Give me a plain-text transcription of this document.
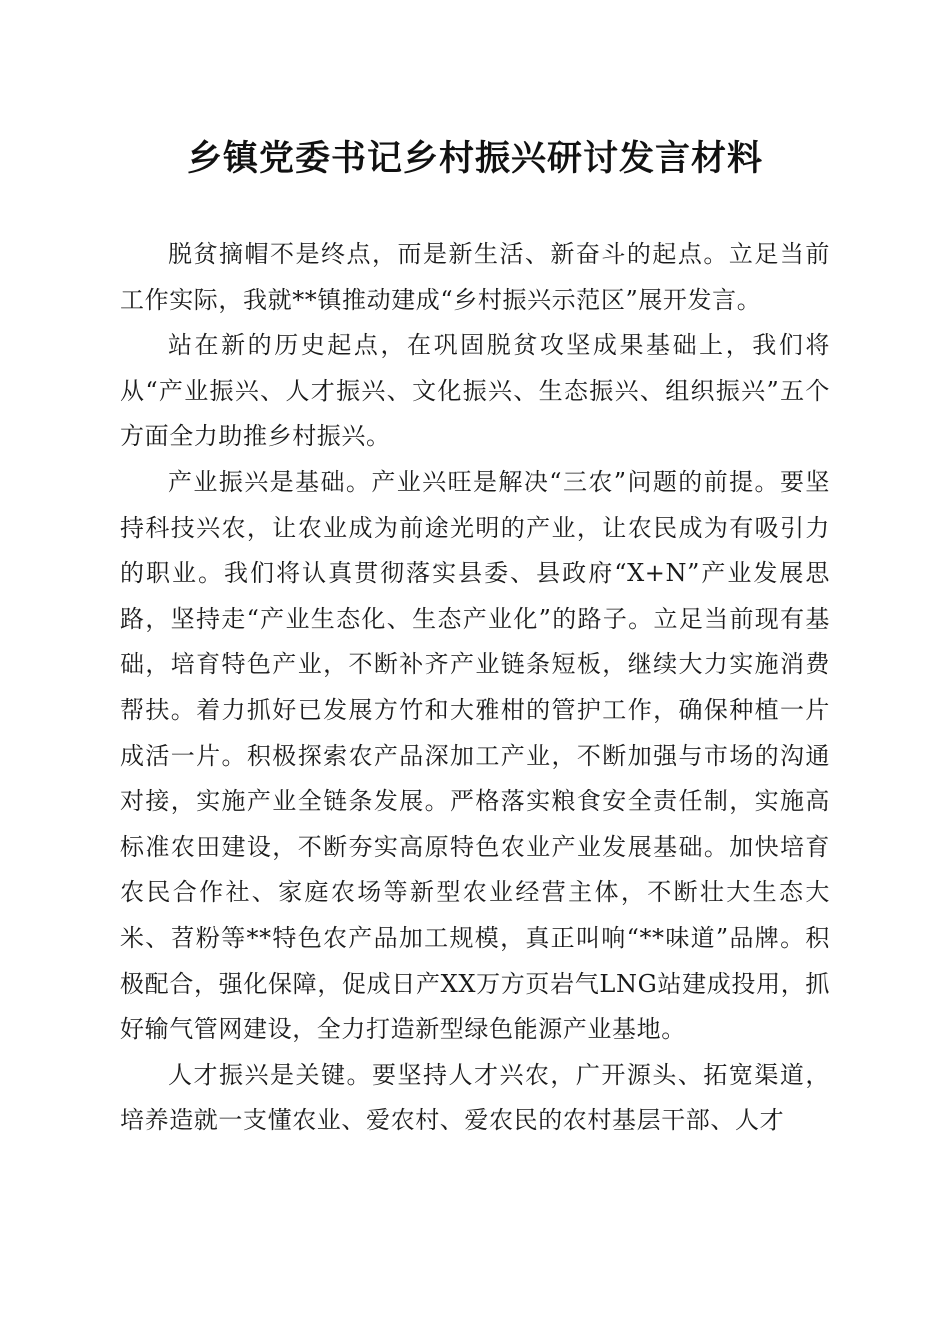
乡镇党委书记乡村振兴研讨发言材料

脱贫摘帽不是终点，而是新生活、新奋斗的起点。立足当前工作实际，我就**镇推动建成“乡村振兴示范区”展开发言。

站在新的历史起点，在巩固脱贫攻坚成果基础上，我们将从“产业振兴、人才振兴、文化振兴、生态振兴、组织振兴”五个方面全力助推乡村振兴。

产业振兴是基础。产业兴旺是解决“三农”问题的前提。要坚持科技兴农，让农业成为前途光明的产业，让农民成为有吸引力的职业。我们将认真贯彻落实县委、县政府“X+N”产业发展思路，坚持走“产业生态化、生态产业化”的路子。立足当前现有基础，培育特色产业，不断补齐产业链条短板，继续大力实施消费帮扶。着力抓好已发展方竹和大雅柑的管护工作，确保种植一片成活一片。积极探索农产品深加工产业，不断加强与市场的沟通对接，实施产业全链条发展。严格落实粮食安全责任制，实施高标准农田建设，不断夯实高原特色农业产业发展基础。加快培育农民合作社、家庭农场等新型农业经营主体，不断壮大生态大米、苕粉等**特色农产品加工规模，真正叫响“**味道”品牌。积极配合，强化保障，促成日产XX万方页岩气LNG站建成投用，抓好输气管网建设，全力打造新型绿色能源产业基地。

人才振兴是关键。要坚持人才兴农，广开源头、拓宽渠道，培养造就一支懂农业、爱农村、爱农民的农村基层干部、人才
